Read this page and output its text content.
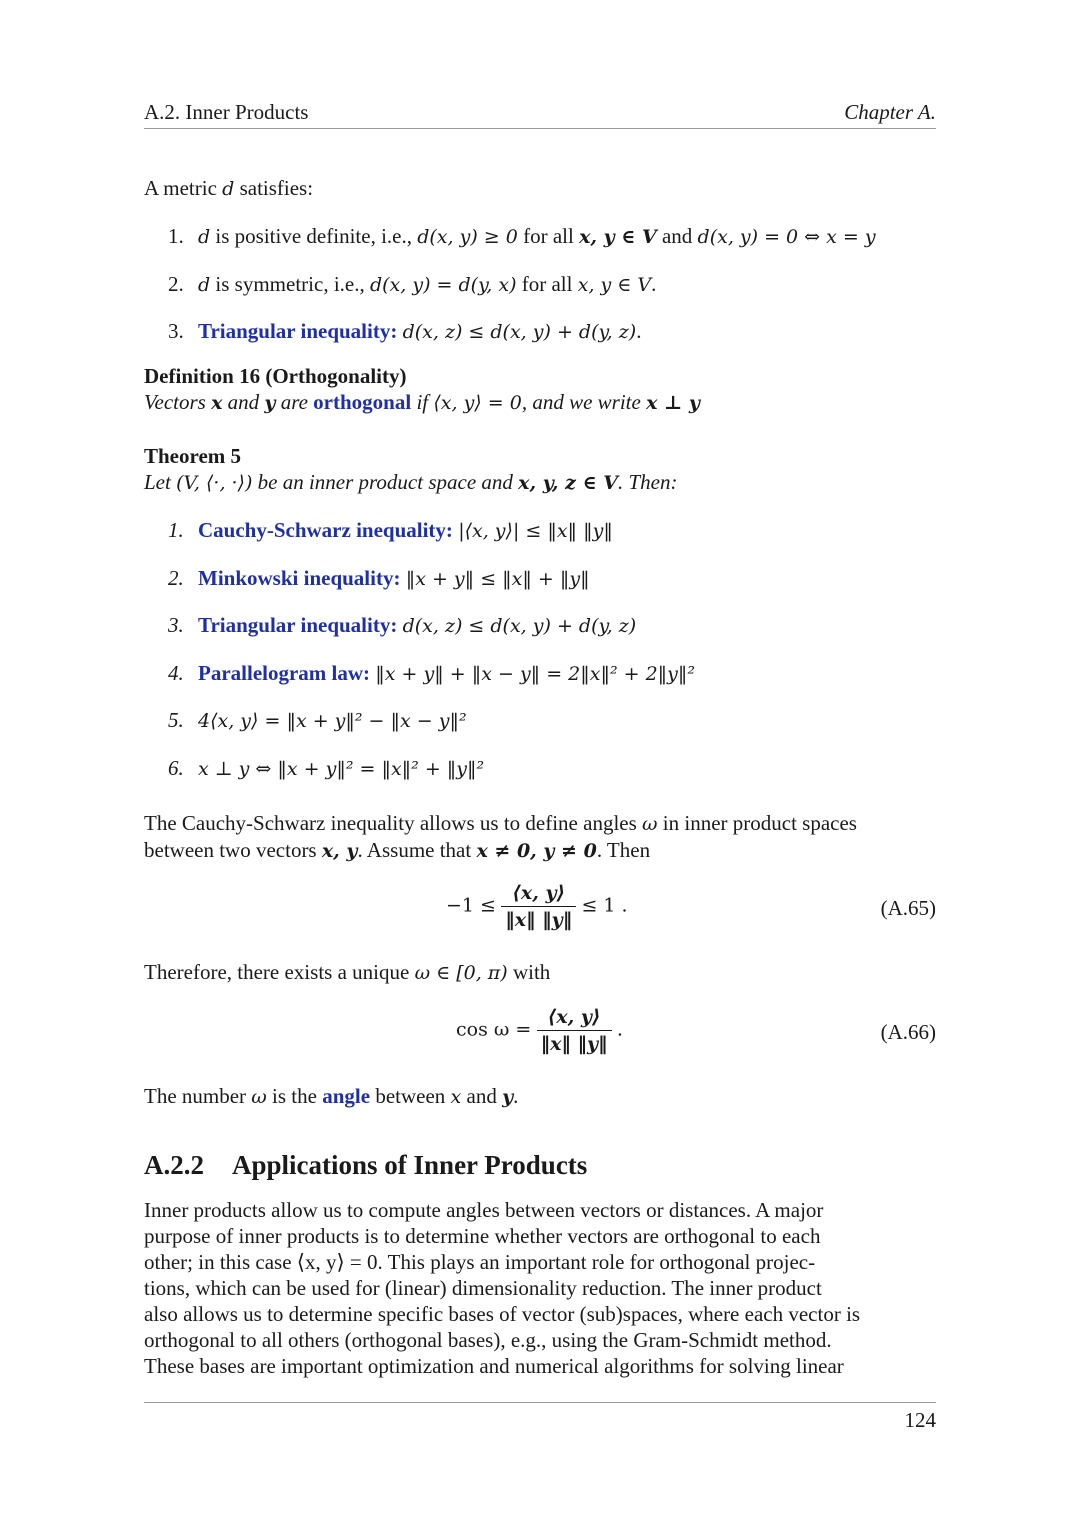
A.2. Inner Products	Chapter A.
A metric d satisfies:
1. d is positive definite, i.e., d(x, y) ≥ 0 for all x, y ∈ V and d(x, y) = 0 ⇔ x = y
2. d is symmetric, i.e., d(x, y) = d(y, x) for all x, y ∈ V.
3. Triangular inequality: d(x, z) ≤ d(x, y) + d(y, z).
Definition 16 (Orthogonality)
Vectors x and y are orthogonal if ⟨x, y⟩ = 0, and we write x ⊥ y
Theorem 5
Let (V, ⟨·, ·⟩) be an inner product space and x, y, z ∈ V. Then:
1. Cauchy-Schwarz inequality: |⟨x, y⟩| ≤ ‖x‖ ‖y‖
2. Minkowski inequality: ‖x + y‖ ≤ ‖x‖ + ‖y‖
3. Triangular inequality: d(x, z) ≤ d(x, y) + d(y, z)
4. Parallelogram law: ‖x + y‖ + ‖x − y‖ = 2‖x‖² + 2‖y‖²
5. 4⟨x, y⟩ = ‖x + y‖² − ‖x − y‖²
6. x ⊥ y ⇔ ‖x + y‖² = ‖x‖² + ‖y‖²
The Cauchy-Schwarz inequality allows us to define angles ω in inner product spaces
between two vectors x, y. Assume that x ≠ 0, y ≠ 0. Then
$-1 \le \frac{⟨x, y⟩}{‖x‖ ‖y‖} \le 1$ .	(A.65)
Therefore, there exists a unique ω ∈ [0, π) with
$\cos \omega = \frac{⟨x, y⟩}{‖x‖ ‖y‖}$ .	(A.66)
The number ω is the angle between x and y.
A.2.2 Applications of Inner Products
Inner products allow us to compute angles between vectors or distances. A major
purpose of inner products is to determine whether vectors are orthogonal to each
other; in this case ⟨x, y⟩ = 0. This plays an important role for orthogonal projec-
tions, which can be used for (linear) dimensionality reduction. The inner product
also allows us to determine specific bases of vector (sub)spaces, where each vector is
orthogonal to all others (orthogonal bases), e.g., using the Gram-Schmidt method.
These bases are important optimization and numerical algorithms for solving linear
124
